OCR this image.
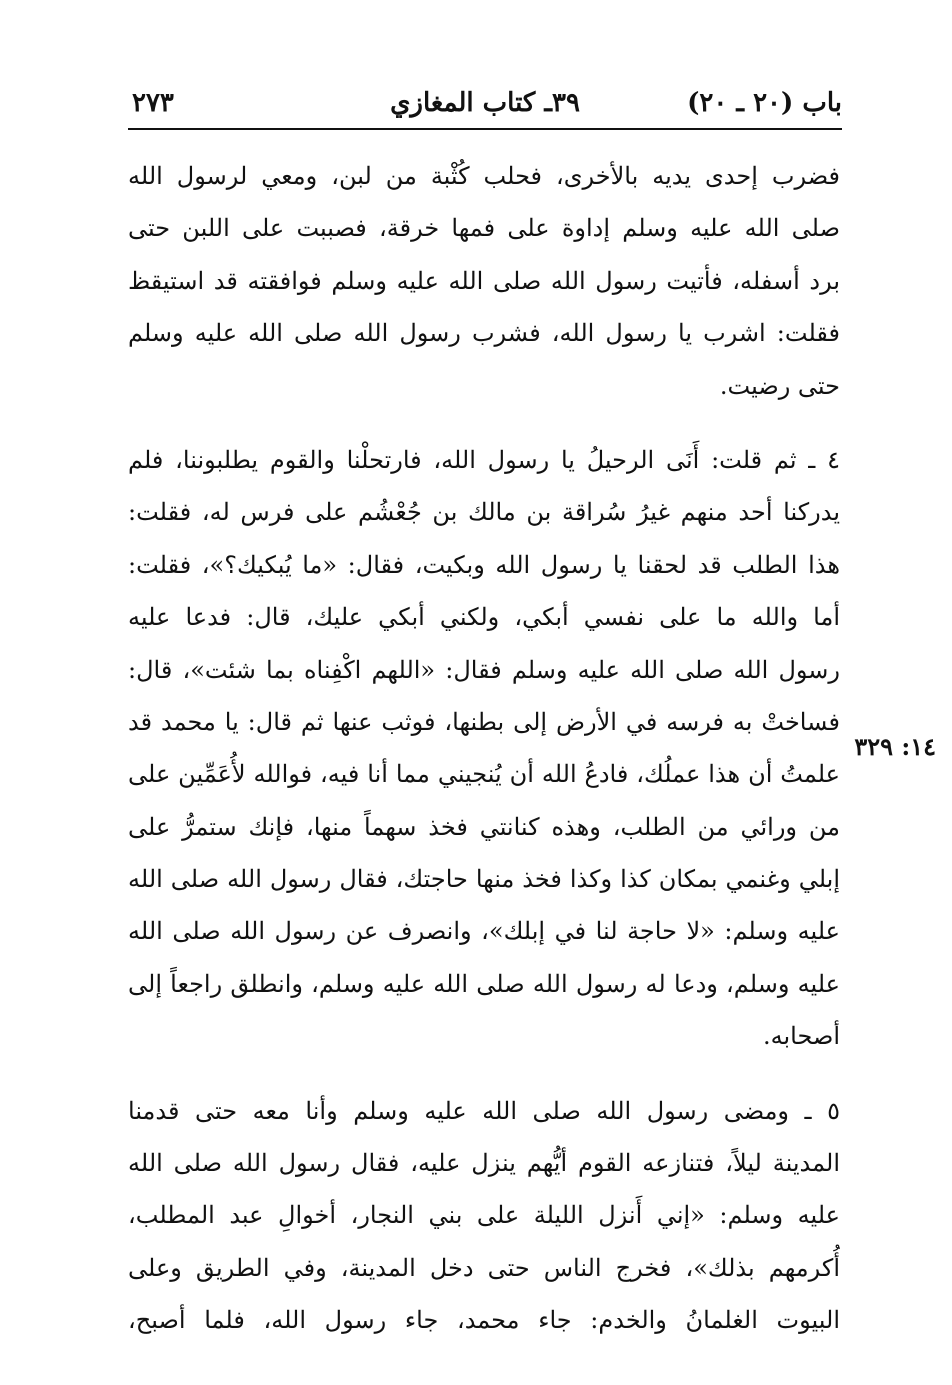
باب (٢٠ ـ ٢٠)
٣٩ـ كتاب المغازي
٢٧٣
١٤: ٣٢٩
فضرب إحدى يديه بالأخرى، فحلب كُثْبة من لبن، ومعي لرسول الله
صلى الله عليه وسلم إداوة على فمها خرقة، فصببت على اللبن حتى
برد أسفله، فأتيت رسول الله صلى الله عليه وسلم فوافقته قد استيقظ
فقلت: اشرب يا رسول الله، فشرب رسول الله صلى الله عليه وسلم
حتى رضيت.
٤ ـ ثم قلت: أَنَى الرحيلُ يا رسول الله، فارتحلْنا والقوم يطلبوننا، فلم
يدركنا أحد منهم غيرُ سُراقة بن مالك بن جُعْشُم على فرس له، فقلت:
هذا الطلب قد لحقنا يا رسول الله وبكيت، فقال: «ما يُبكيك؟»، فقلت:
أما والله ما على نفسي أبكي، ولكني أبكي عليك، قال: فدعا عليه
رسول الله صلى الله عليه وسلم فقال: «اللهم اكْفِناه بما شئت»، قال:
فساختْ به فرسه في الأرض إلى بطنها، فوثب عنها ثم قال: يا محمد قد
علمتُ أن هذا عملُك، فادعُ الله أن يُنجيني مما أنا فيه، فوالله لأُعَمِّين على
من ورائي من الطلب، وهذه كنانتي فخذ سهماً منها، فإنك ستمرُّ على
إبلي وغنمي بمكان كذا وكذا فخذ منها حاجتك، فقال رسول الله صلى الله
عليه وسلم: «لا حاجة لنا في إبلك»، وانصرف عن رسول الله صلى الله
عليه وسلم، ودعا له رسول الله صلى الله عليه وسلم، وانطلق راجعاً إلى
أصحابه.
٥ ـ ومضى رسول الله صلى الله عليه وسلم وأنا معه حتى قدمنا
المدينة ليلاً، فتنازعه القوم أيُّهم ينزل عليه، فقال رسول الله صلى الله
عليه وسلم: «إني أَنزل الليلة على بني النجار، أخوالِ عبد المطلب،
أُكرمهم بذلك»، فخرج الناس حتى دخل المدينة، وفي الطريق وعلى
البيوت الغلمانُ والخدم: جاء محمد، جاء رسول الله، فلما أصبح،
